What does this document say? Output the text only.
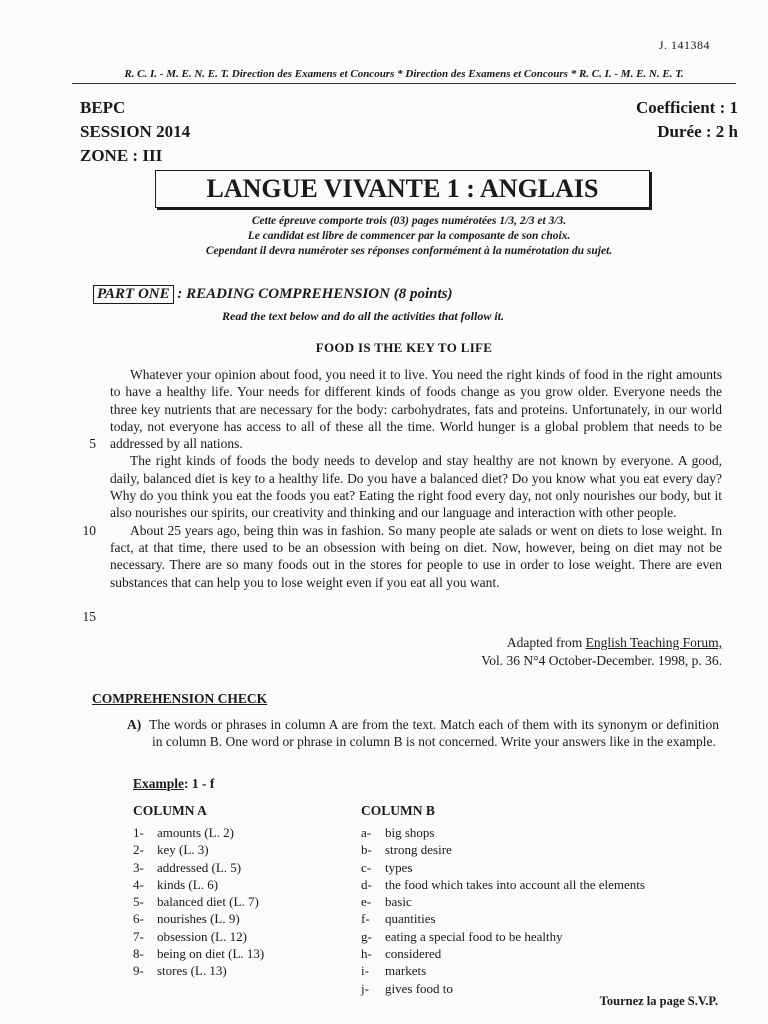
J. 141384
R. C. I. - M. E. N. E. T. Direction des Examens et Concours * Direction des Examens et Concours * R. C. I. - M. E. N. E. T.
BEPC
SESSION 2014
ZONE : III
Coefficient : 1
Durée : 2 h
LANGUE VIVANTE 1 : ANGLAIS
Cette épreuve comporte trois (03) pages numérotées 1/3, 2/3 et 3/3.
Le candidat est libre de commencer par la composante de son choix.
Cependant il devra numéroter ses réponses conformément à la numérotation du sujet.
PART ONE : READING COMPREHENSION (8 points)
Read the text below and do all the activities that follow it.
FOOD IS THE KEY TO LIFE
5
10
15

Whatever your opinion about food, you need it to live. You need the right kinds of food in the right amounts to have a healthy life. Your needs for different kinds of foods change as you grow older. Everyone needs the three key nutrients that are necessary for the body: carbohydrates, fats and proteins. Unfortunately, in our world today, not everyone has access to all of these all the time. World hunger is a global problem that needs to be addressed by all nations.

The right kinds of foods the body needs to develop and stay healthy are not known by everyone. A good, daily, balanced diet is key to a healthy life. Do you have a balanced diet? Do you know what you eat every day? Why do you think you eat the foods you eat? Eating the right food every day, not only nourishes our body, but it also nourishes our spirits, our creativity and thinking and our language and interaction with other people.

About 25 years ago, being thin was in fashion. So many people ate salads or went on diets to lose weight. In fact, at that time, there used to be an obsession with being on diet. Now, however, being on diet may not be necessary. There are so many foods out in the stores for people to use in order to lose weight. There are even substances that can help you to lose weight even if you eat all you want.

Adapted from English Teaching Forum,
Vol. 36 N°4 October-December. 1998, p. 36.
COMPREHENSION CHECK
A) The words or phrases in column A are from the text. Match each of them with its synonym or definition in column B. One word or phrase in column B is not concerned. Write your answers like in the example.
Example: 1 - f
COLUMN A	COLUMN B
1- amounts (L. 2)
2- key (L. 3)
3- addressed (L. 5)
4- kinds (L. 6)
5- balanced diet (L. 7)
6- nourishes (L. 9)
7- obsession (L. 12)
8- being on diet (L. 13)
9- stores (L. 13)
a- big shops
b- strong desire
c- types
d- the food which takes into account all the elements
e- basic
f- quantities
g- eating a special food to be healthy
h- considered
i- markets
j- gives food to
Tournez la page S.V.P.
